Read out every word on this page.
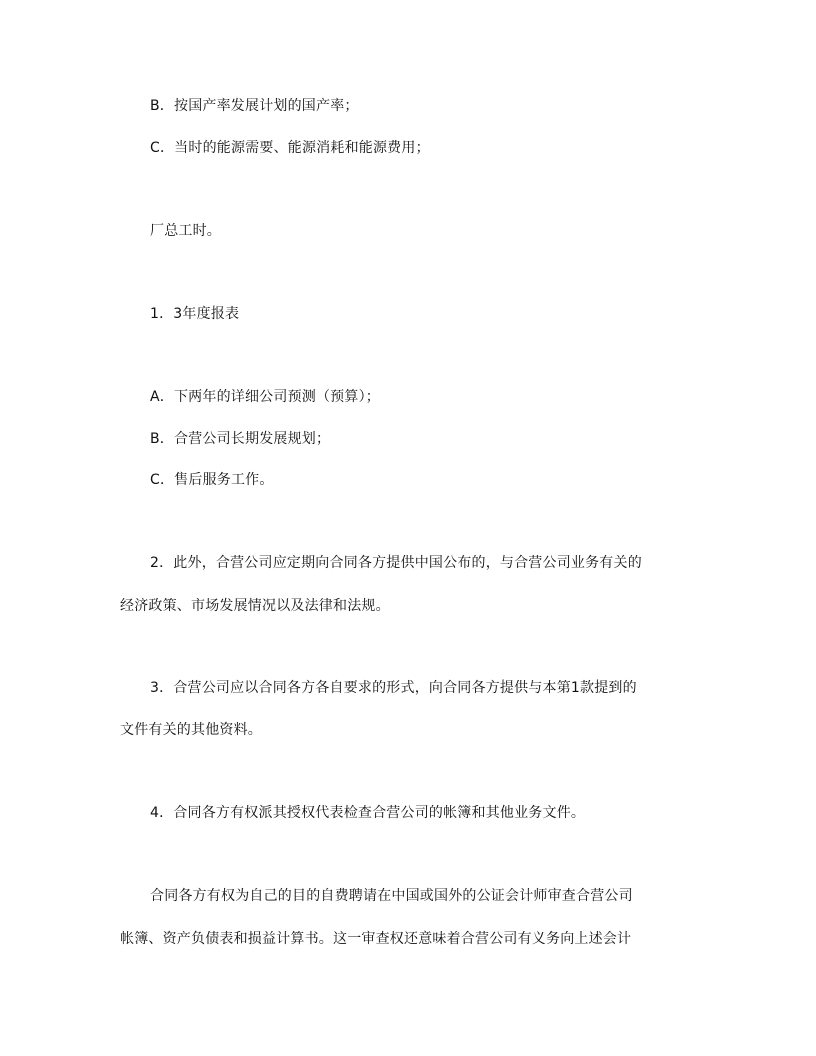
B．按国产率发展计划的国产率；
C．当时的能源需要、能源消耗和能源费用；
厂总工时。
1．3年度报表
A．下两年的详细公司预测（预算）；
B．合营公司长期发展规划；
C．售后服务工作。
2．此外，合营公司应定期向合同各方提供中国公布的，与合营公司业务有关的
经济政策、市场发展情况以及法律和法规。
3．合营公司应以合同各方各自要求的形式，向合同各方提供与本第1款提到的
文件有关的其他资料。
4．合同各方有权派其授权代表检查合营公司的帐簿和其他业务文件。
合同各方有权为自己的目的自费聘请在中国或国外的公证会计师审查合营公司
帐簿、资产负债表和损益计算书。这一审查权还意味着合营公司有义务向上述会计
